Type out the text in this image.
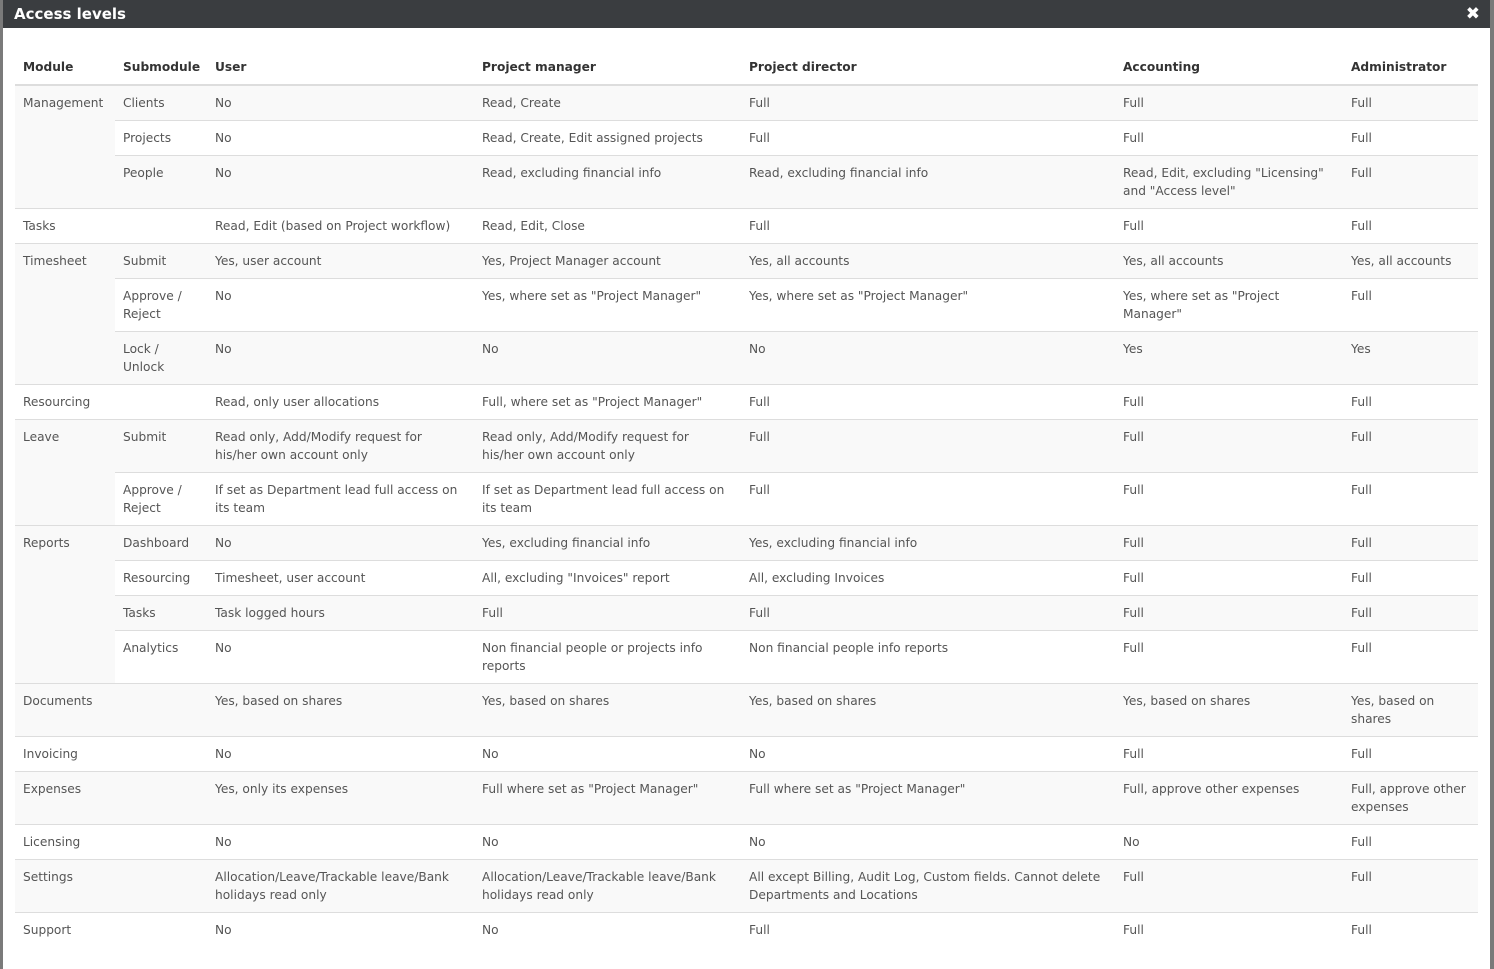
Access levels	✖
Module	Submodule	User	Project manager	Project director	Accounting	Administrator
Management	Clients	No	Read, Create	Full	Full	Full
	Projects	No	Read, Create, Edit assigned projects	Full	Full	Full
	People	No	Read, excluding financial info	Read, excluding financial info	Read, Edit, excluding "Licensing" and "Access level"	Full
Tasks		Read, Edit (based on Project workflow)	Read, Edit, Close	Full	Full	Full
Timesheet	Submit	Yes, user account	Yes, Project Manager account	Yes, all accounts	Yes, all accounts	Yes, all accounts
	Approve / Reject	No	Yes, where set as "Project Manager"	Yes, where set as "Project Manager"	Yes, where set as "Project Manager"	Full
	Lock / Unlock	No	No	No	Yes	Yes
Resourcing		Read, only user allocations	Full, where set as "Project Manager"	Full	Full	Full
Leave	Submit	Read only, Add/Modify request for his/her own account only	Read only, Add/Modify request for his/her own account only	Full	Full	Full
	Approve / Reject	If set as Department lead full access on its team	If set as Department lead full access on its team	Full	Full	Full
Reports	Dashboard	No	Yes, excluding financial info	Yes, excluding financial info	Full	Full
	Resourcing	Timesheet, user account	All, excluding "Invoices" report	All, excluding Invoices	Full	Full
	Tasks	Task logged hours	Full	Full	Full	Full
	Analytics	No	Non financial people or projects info reports	Non financial people info reports	Full	Full
Documents		Yes, based on shares	Yes, based on shares	Yes, based on shares	Yes, based on shares	Yes, based on shares
Invoicing		No	No	No	Full	Full
Expenses		Yes, only its expenses	Full where set as "Project Manager"	Full where set as "Project Manager"	Full, approve other expenses	Full, approve other expenses
Licensing		No	No	No	No	Full
Settings		Allocation/Leave/Trackable leave/Bank holidays read only	Allocation/Leave/Trackable leave/Bank holidays read only	All except Billing, Audit Log, Custom fields. Cannot delete Departments and Locations	Full	Full
Support		No	No	Full	Full	Full
